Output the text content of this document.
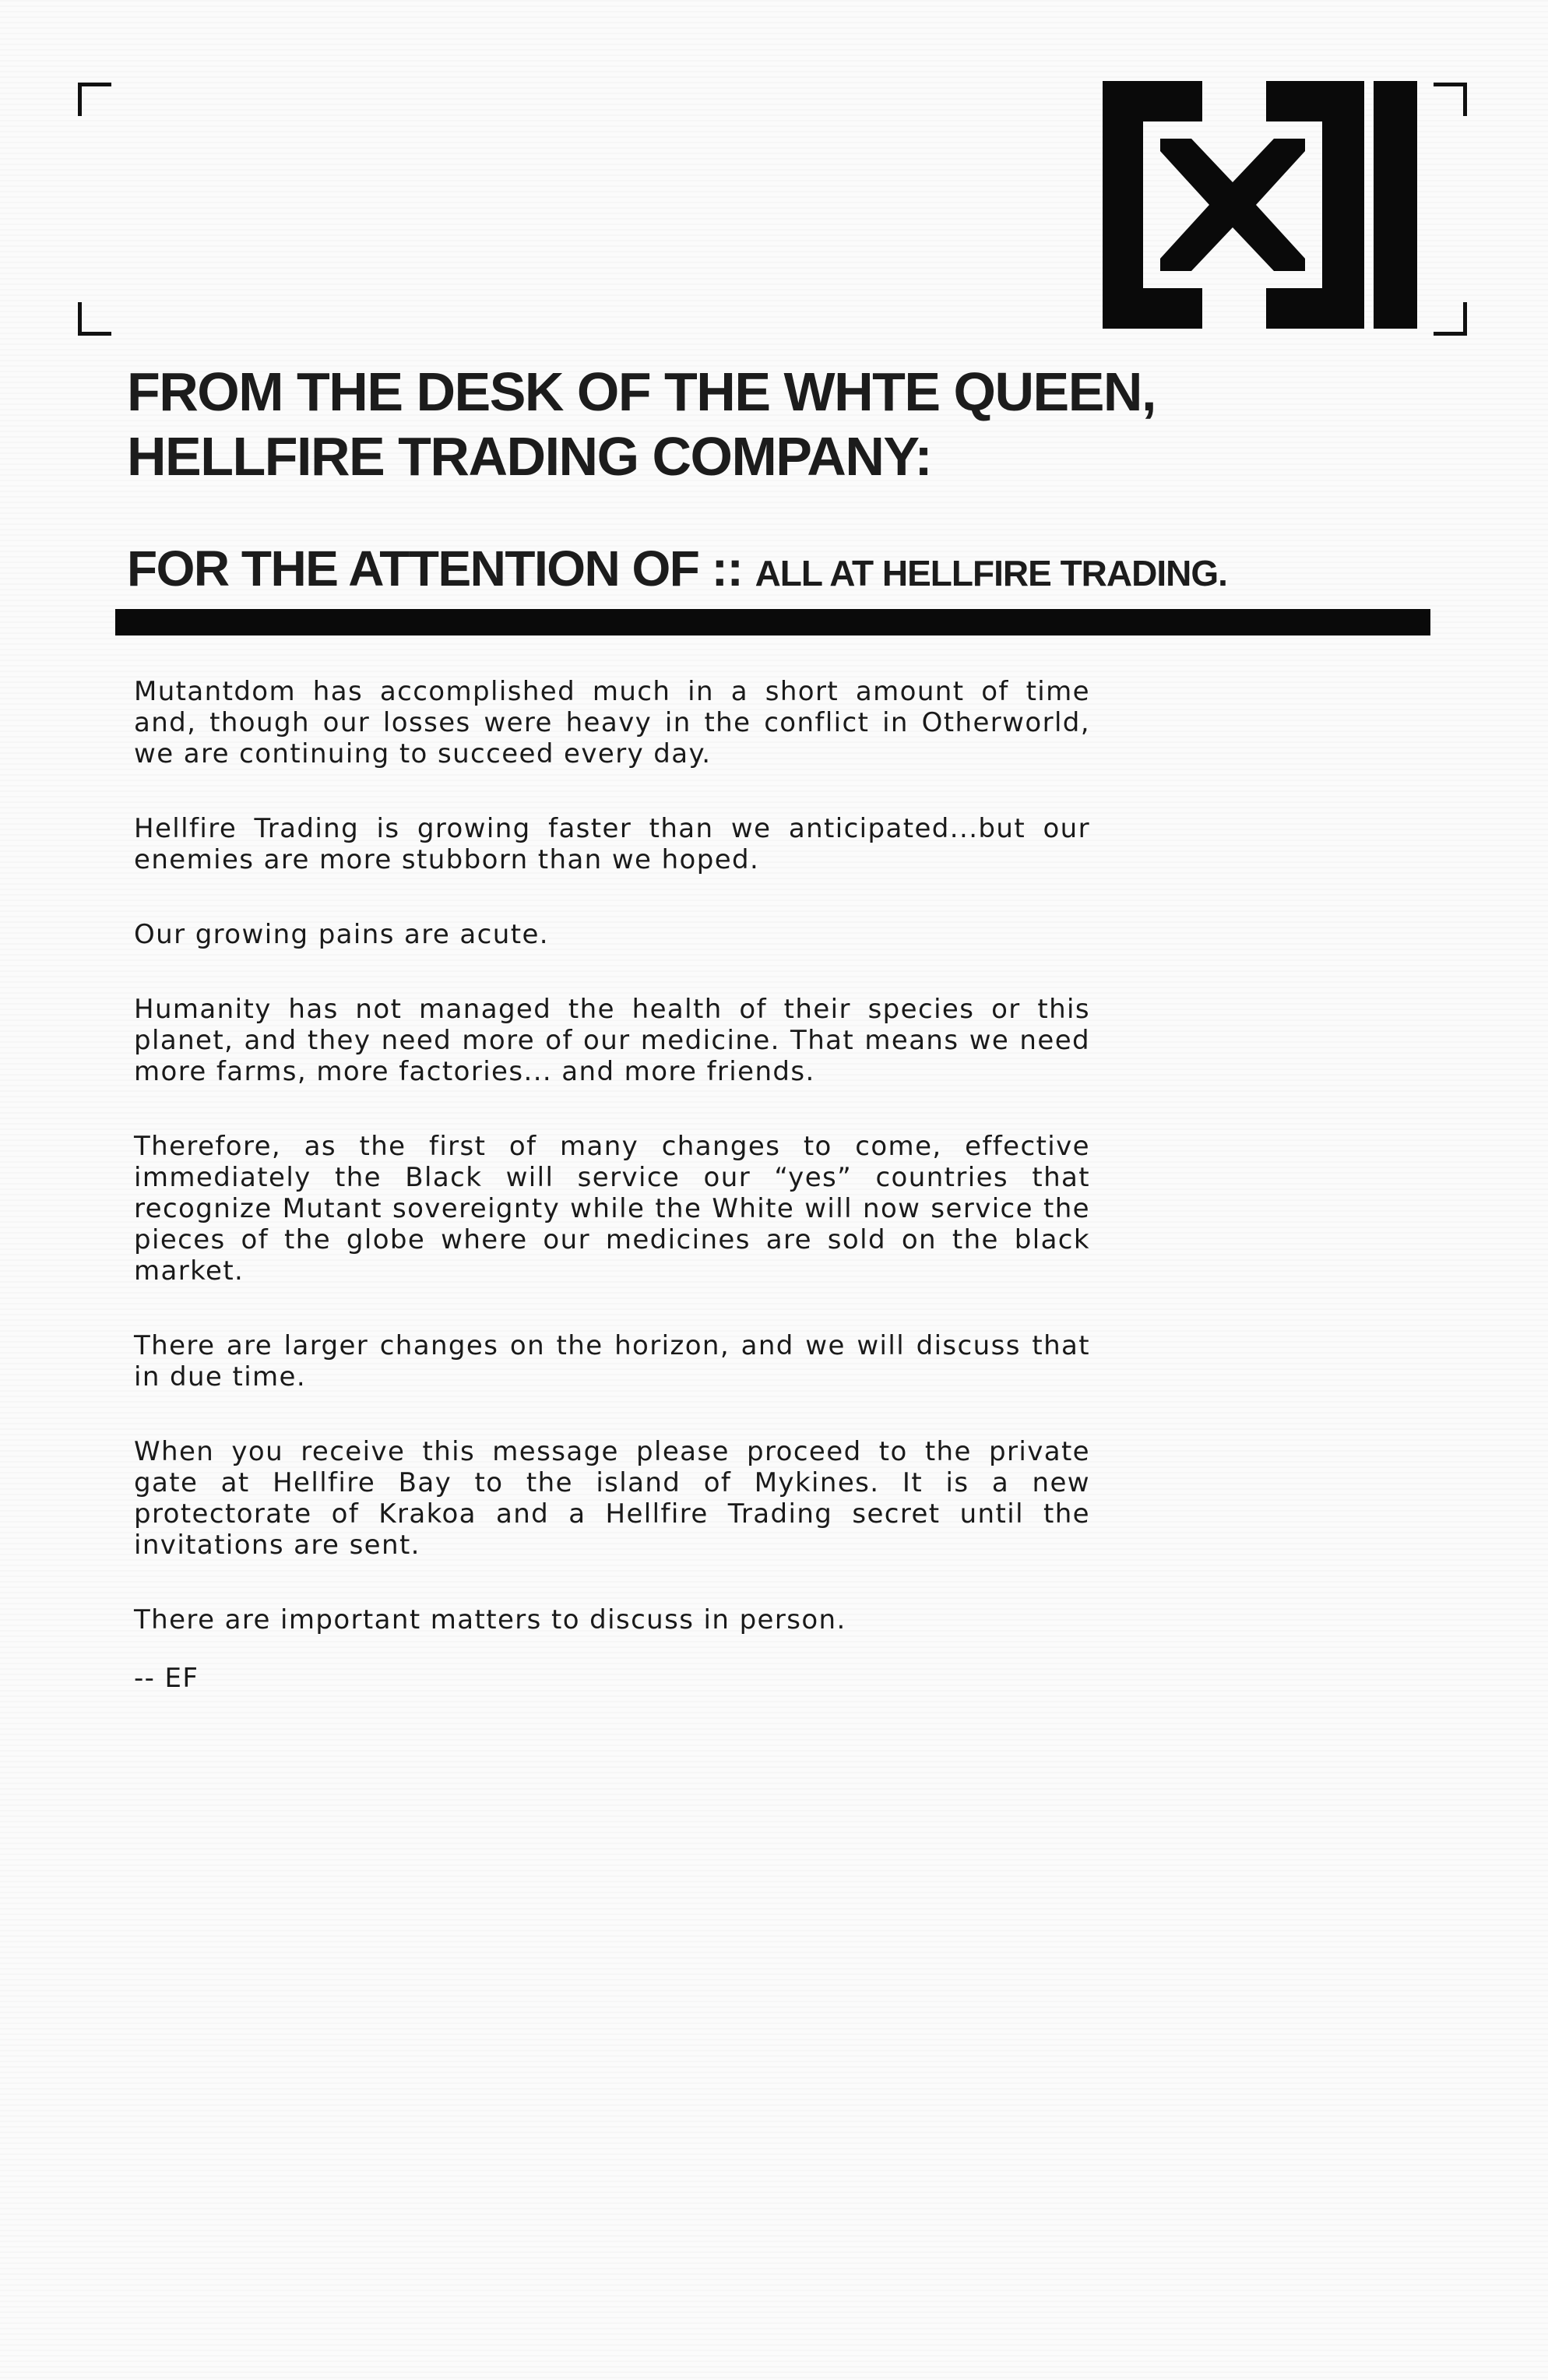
FROM THE DESK OF THE WHTE QUEEN,
HELLFIRE TRADING COMPANY:
FOR THE ATTENTION OF :: ALL AT HELLFIRE TRADING.

Mutantdom has accomplished much in a short amount of time and, though our losses were heavy in the conflict in Otherworld, we are continuing to succeed every day.

Hellfire Trading is growing faster than we anticipated...but our enemies are more stubborn than we hoped.

Our growing pains are acute.

Humanity has not managed the health of their species or this planet, and they need more of our medicine. That means we need more farms, more factories... and more friends.

Therefore, as the first of many changes to come, effective immediately the Black will service our “yes” countries that recognize Mutant sovereignty while the White will now service the pieces of the globe where our medicines are sold on the black market.

There are larger changes on the horizon, and we will discuss that in due time.

When you receive this message please proceed to the private gate at Hellfire Bay to the island of Mykines. It is a new protectorate of Krakoa and a Hellfire Trading secret until the invitations are sent.

There are important matters to discuss in person.

-- EF
